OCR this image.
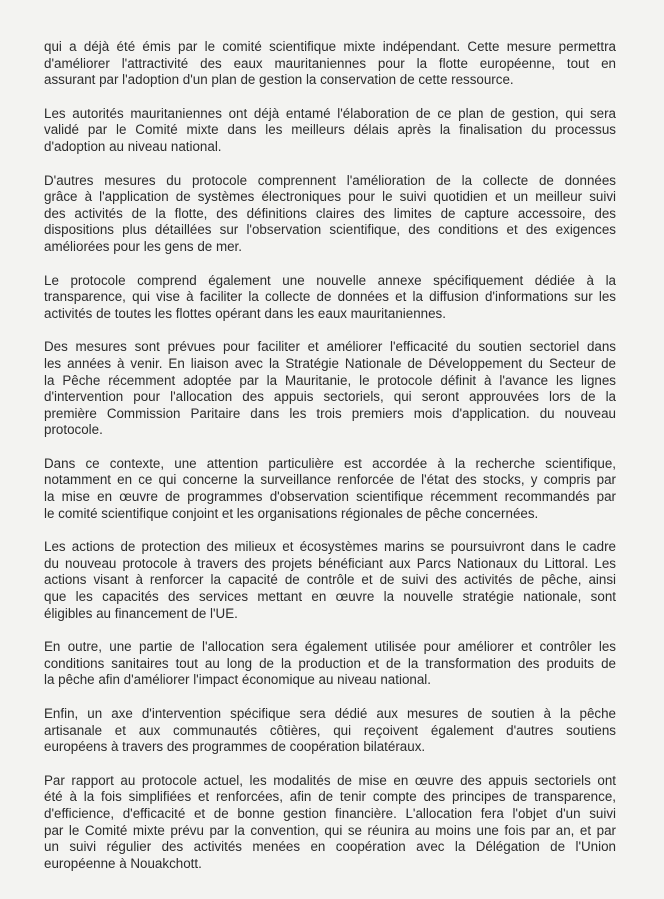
qui a déjà été émis par le comité scientifique mixte indépendant. Cette mesure permettra
d'améliorer l'attractivité des eaux mauritaniennes pour la flotte européenne, tout en
assurant par l'adoption d'un plan de gestion la conservation de cette ressource.
Les autorités mauritaniennes ont déjà entamé l'élaboration de ce plan de gestion, qui sera
validé par le Comité mixte dans les meilleurs délais après la finalisation du processus
d'adoption au niveau national.
D'autres mesures du protocole comprennent l'amélioration de la collecte de données
grâce à l'application de systèmes électroniques pour le suivi quotidien et un meilleur suivi
des activités de la flotte, des définitions claires des limites de capture accessoire, des
dispositions plus détaillées sur l'observation scientifique, des conditions et des exigences
améliorées pour les gens de mer.
Le protocole comprend également une nouvelle annexe spécifiquement dédiée à la
transparence, qui vise à faciliter la collecte de données et la diffusion d'informations sur les
activités de toutes les flottes opérant dans les eaux mauritaniennes.
Des mesures sont prévues pour faciliter et améliorer l'efficacité du soutien sectoriel dans
les années à venir. En liaison avec la Stratégie Nationale de Développement du Secteur de
la Pêche récemment adoptée par la Mauritanie, le protocole définit à l'avance les lignes
d'intervention pour l'allocation des appuis sectoriels, qui seront approuvées lors de la
première Commission Paritaire dans les trois premiers mois d'application. du nouveau
protocole.
Dans ce contexte, une attention particulière est accordée à la recherche scientifique,
notamment en ce qui concerne la surveillance renforcée de l'état des stocks, y compris par
la mise en œuvre de programmes d'observation scientifique récemment recommandés par
le comité scientifique conjoint et les organisations régionales de pêche concernées.
Les actions de protection des milieux et écosystèmes marins se poursuivront dans le cadre
du nouveau protocole à travers des projets bénéficiant aux Parcs Nationaux du Littoral. Les
actions visant à renforcer la capacité de contrôle et de suivi des activités de pêche, ainsi
que les capacités des services mettant en œuvre la nouvelle stratégie nationale, sont
éligibles au financement de l'UE.
En outre, une partie de l'allocation sera également utilisée pour améliorer et contrôler les
conditions sanitaires tout au long de la production et de la transformation des produits de
la pêche afin d'améliorer l'impact économique au niveau national.
Enfin, un axe d'intervention spécifique sera dédié aux mesures de soutien à la pêche
artisanale et aux communautés côtières, qui reçoivent également d'autres soutiens
européens à travers des programmes de coopération bilatéraux.
Par rapport au protocole actuel, les modalités de mise en œuvre des appuis sectoriels ont
été à la fois simplifiées et renforcées, afin de tenir compte des principes de transparence,
d'efficience, d'efficacité et de bonne gestion financière. L'allocation fera l'objet d'un suivi
par le Comité mixte prévu par la convention, qui se réunira au moins une fois par an, et par
un suivi régulier des activités menées en coopération avec la Délégation de l'Union
européenne à Nouakchott.
